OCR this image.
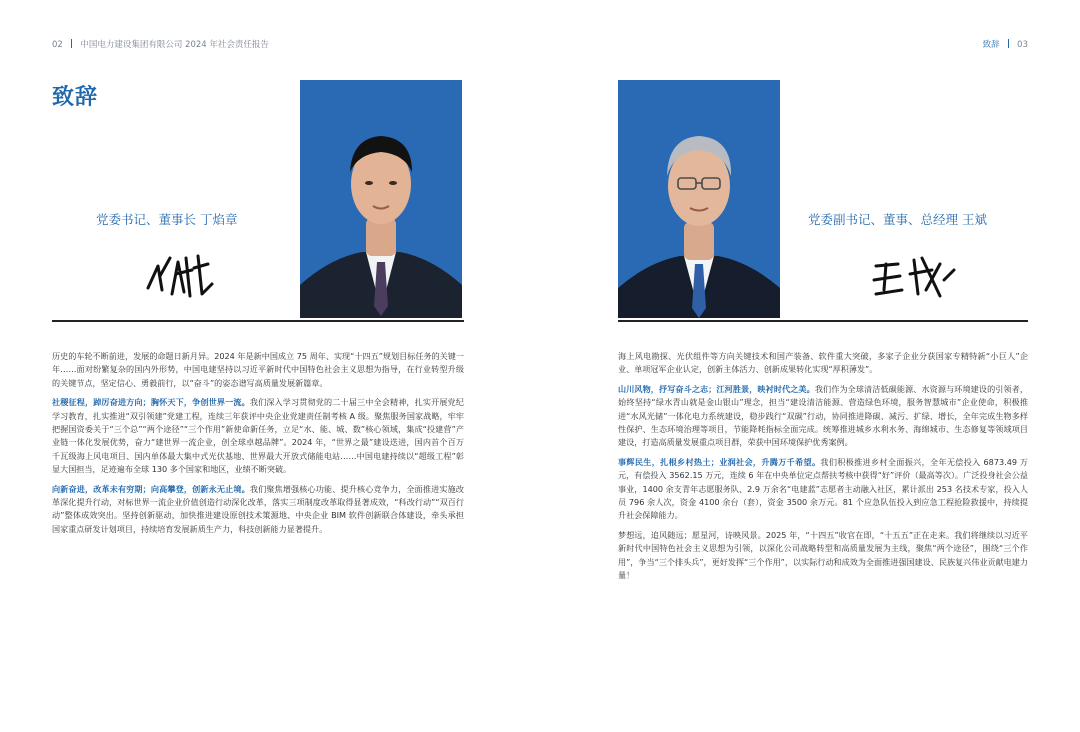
02 中国电力建设集团有限公司 2024 年社会责任报告
致辞
党委书记、董事长 丁焰章

历史的车轮不断前进，发展的命题日新月异。2024 年是新中国成立 75 周年、实现“十四五”规划目标任务的关键一年……面对纷繁复杂的国内外形势，中国电建坚持以习近平新时代中国特色社会主义思想为指导，在行业转型升级的关键节点，坚定信心、勇毅前行，以“奋斗”的姿态谱写高质量发展新篇章。

社稷征程，踔厉奋进方向；胸怀天下，争创世界一流。我们深入学习贯彻党的二十届三中全会精神，扎实开展党纪学习教育，扎实推进“双引领建”党建工程，连续三年获评中央企业党建责任制考核 A 级。聚焦服务国家战略，牢牢把握国资委关于“三个总”“两个途径”“三个作用”新使命新任务，立足“水、能、城、数”核心领域，集成“投建营”产业链一体化发展优势，奋力“建世界一流企业，创全球卓越品牌”。2024 年，“世界之最”建设迭进，国内首个百万千瓦级海上风电项目、国内单体最大集中式光伏基地、世界最大开放式储能电站……中国电建持续以“超级工程”彰显大国担当，足迹遍布全球 130 多个国家和地区，业绩不断突破。

向新奋进，改革未有穷期；向高攀登，创新永无止境。我们聚焦增强核心功能、提升核心竞争力，全面推进实施改革深化提升行动，对标世界一流企业价值创造行动深化改革，落实三项制度改革取得显著成效，“科改行动”“双百行动”整体成效突出。坚持创新驱动，加快推进建设原创技术策源地、中央企业 BIM 软件创新联合体建设，牵头承担国家重点研发计划项目，持续培育发展新质生产力，科技创新能力显著提升。

致辞 03
党委副书记、董事、总经理 王斌

海上风电勘探、光伏组件等方向关键技术和国产装备、软件重大突破，多家子企业分获国家专精特新“小巨人”企业、单项冠军企业认定，创新主体活力、创新成果转化实现“厚积薄发”。

山川风物，抒写奋斗之志；江河胜景，映衬时代之美。我们作为全球清洁低碳能源、水资源与环境建设的引领者，始终坚持“绿水青山就是金山银山”理念，担当“建设清洁能源、营造绿色环境，服务智慧城市”企业使命，积极推进“水风光储”一体化电力系统建设，稳步践行“双碳”行动，协同推进降碳、减污、扩绿、增长，全年完成生物多样性保护、生态环境治理等项目，节能降耗指标全面完成。统筹推进城乡水利水务、海绵城市、生态修复等领域项目建设，打造高质量发展重点项目群，荣获中国环境保护优秀案例。

事辉民生，扎根乡村热土；业润社会，升腾万千希望。我们积极推进乡村全面振兴，全年无偿投入 6873.49 万元，有偿投入 3562.15 万元，连续 6 年在中央单位定点帮扶考核中获得“好”评价（最高等次）。广泛投身社会公益事业，1400 余支青年志愿服务队、2.9 万余名“电建蓝”志愿者主动融入社区，累计派出 253 名技术专家，投入人员 796 余人次，资金 4100 余台（套），资金 3500 余万元。81 个应急队伍投入到应急工程抢险救援中，持续提升社会保障能力。

梦想远，追风随远；愿星河，诗映风景。2025 年，“十四五”收官在即，“十五五”正在走来。我们将继续以习近平新时代中国特色社会主义思想为引领，以深化公司战略转型和高质量发展为主线，聚焦“两个途径”，围绕“三个作用”，争当“三个排头兵”，更好发挥“三个作用”，以实际行动和成效为全面推进强国建设、民族复兴伟业贡献电建力量！
